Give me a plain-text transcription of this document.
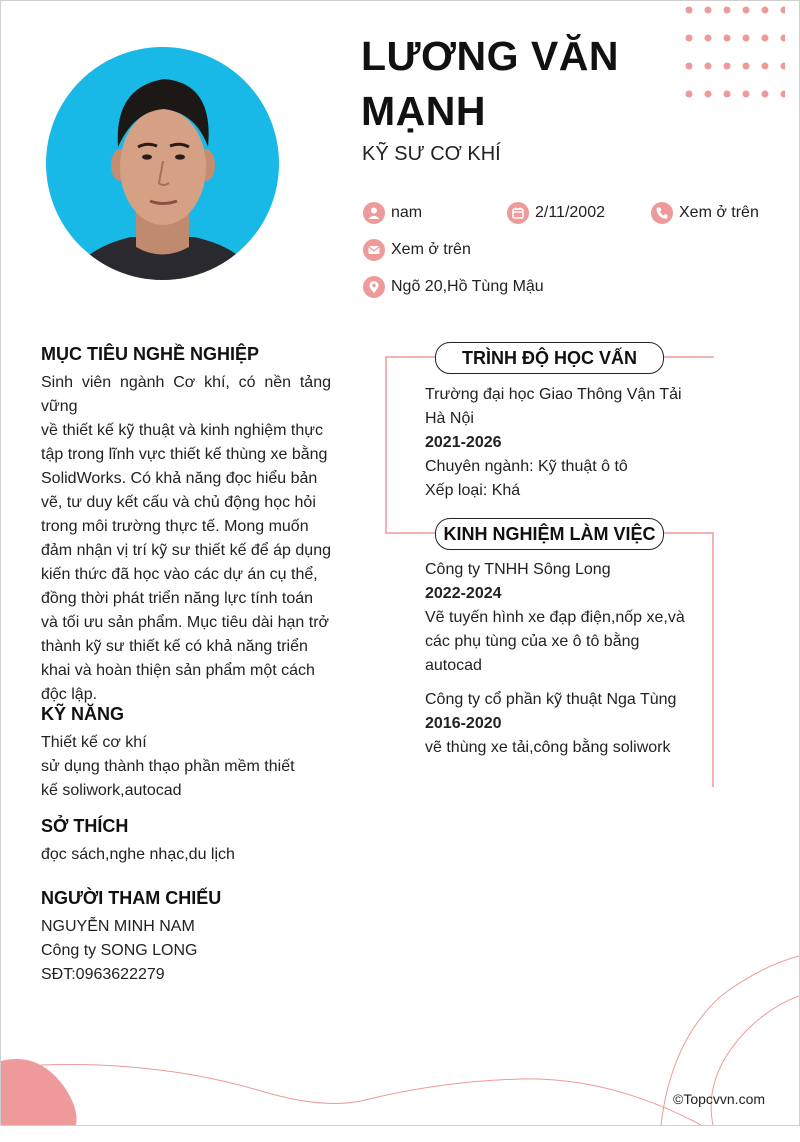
LƯƠNG VĂN
MẠNH
KỸ SƯ CƠ KHÍ
nam	2/11/2002	Xem ở trên
Xem ở trên
Ngõ 20,Hồ Tùng Mậu
MỤC TIÊU NGHỀ NGHIỆP
Sinh viên ngành Cơ khí, có nền tảng vững
về thiết kế kỹ thuật và kinh nghiệm thực
tập trong lĩnh vực thiết kế thùng xe bằng
SolidWorks. Có khả năng đọc hiểu bản
vẽ, tư duy kết cấu và chủ động học hỏi
trong môi trường thực tế. Mong muốn
đảm nhận vị trí kỹ sư thiết kế để áp dụng
kiến thức đã học vào các dự án cụ thể,
đồng thời phát triển năng lực tính toán
và tối ưu sản phẩm. Mục tiêu dài hạn trở
thành kỹ sư thiết kế có khả năng triển
khai và hoàn thiện sản phẩm một cách
độc lập.
KỸ NĂNG
Thiết kế cơ khí
sử dụng thành thạo phần mềm thiết
kế soliwork,autocad
SỞ THÍCH
đọc sách,nghe nhạc,du lịch
NGƯỜI THAM CHIẾU
NGUYỄN MINH NAM
Công ty SONG LONG
SĐT:0963622279
TRÌNH ĐỘ HỌC VẤN
Trường đại học Giao Thông Vận Tải
Hà Nội
2021-2026
Chuyên ngành: Kỹ thuật ô tô
Xếp loại: Khá
KINH NGHIỆM LÀM VIỆC
Công ty TNHH Sông Long
2022-2024
Vẽ tuyến hình xe đạp điện,nốp xe,và
các phụ tùng của xe ô tô bằng
autocad
Công ty cổ phần kỹ thuật Nga Tùng
2016-2020
vẽ thùng xe tải,công bằng soliwork
©Topcvvn.com
